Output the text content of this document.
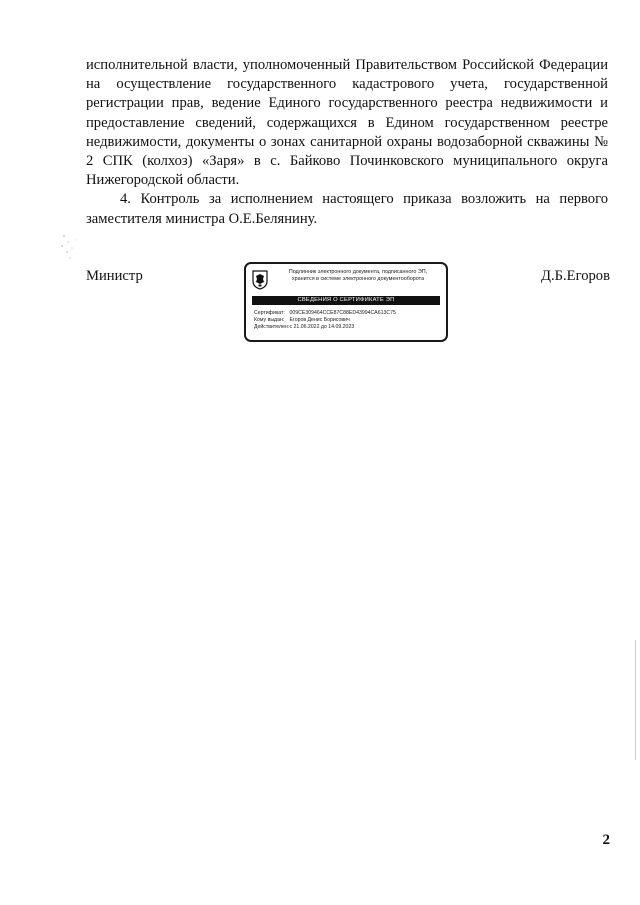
исполнительной власти, уполномоченный Правительством Российской Федерации на осуществление государственного кадастрового учета, государственной регистрации прав, ведение Единого государственного реестра недвижимости и предоставление сведений, содержащихся в Едином государственном реестре недвижимости, документы о зонах санитарной охраны водозаборной скважины № 2 СПК (колхоз) «Заря» в с. Байково Починковского муниципального округа Нижегородской области.

4. Контроль за исполнением настоящего приказа возложить на первого заместителя министра О.Е.Белянину.

Министр	Подлинник электронного документа, подписанного ЭП,
хранится в системе электронного документооборота
СВЕДЕНИЯ О СЕРТИФИКАТЕ ЭП
Сертификат: 009CE309464CCE87C88ED43994CA613C75
Кому выдан: Егоров Денис Борисович
Действителен: с 21.06.2022 до 14.09.2023
Д.Б.Егоров
2
